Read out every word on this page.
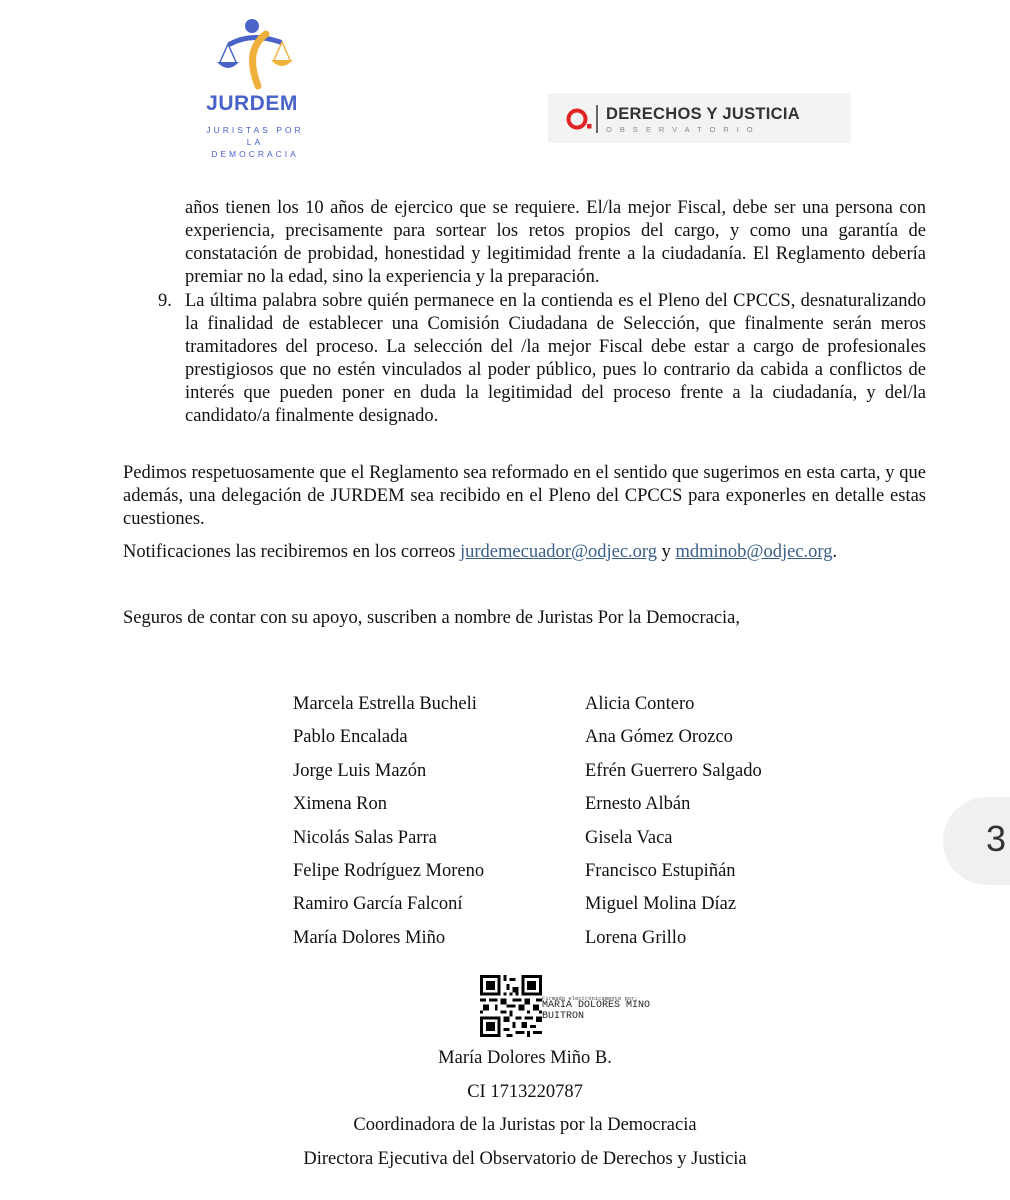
JURDEM
JURISTAS POR LA
DEMOCRACIA
DERECHOS Y JUSTICIA
OBSERVATORIO

años tienen los 10 años de ejercico que se requiere. El/la mejor Fiscal, debe ser una persona con experiencia, precisamente para sortear los retos propios del cargo, y como una garantía de constatación de probidad, honestidad y legitimidad frente a la ciudadanía. El Reglamento debería premiar no la edad, sino la experiencia y la preparación.

9. La última palabra sobre quién permanece en la contienda es el Pleno del CPCCS, desnaturalizando la finalidad de establecer una Comisión Ciudadana de Selección, que finalmente serán meros tramitadores del proceso. La selección del /la mejor Fiscal debe estar a cargo de profesionales prestigiosos que no estén vinculados al poder público, pues lo contrario da cabida a conflictos de interés que pueden poner en duda la legitimidad del proceso frente a la ciudadanía, y del/la candidato/a finalmente designado.

Pedimos respetuosamente que el Reglamento sea reformado en el sentido que sugerimos en esta carta, y que además, una delegación de JURDEM sea recibido en el Pleno del CPCCS para exponerles en detalle estas cuestiones.

Notificaciones las recibiremos en los correos jurdemecuador@odjec.org y mdminob@odjec.org.
Seguros de contar con su apoyo, suscriben a nombre de Juristas Por la Democracia,
Marcela Estrella Bucheli
Pablo Encalada
Jorge Luis Mazón
Ximena Ron
Nicolás Salas Parra
Felipe Rodríguez Moreno
Ramiro García Falconí
María Dolores Miño
Alicia Contero
Ana Gómez Orozco
Efrén Guerrero Salgado
Ernesto Albán
Gisela Vaca
Francisco Estupiñán
Miguel Molina Díaz
Lorena Grillo
3
Firmado electrónicamente por:
MARIA DOLORES MINO BUITRON
María Dolores Miño B.
CI 1713220787
Coordinadora de la Juristas por la Democracia
Directora Ejecutiva del Observatorio de Derechos y Justicia
